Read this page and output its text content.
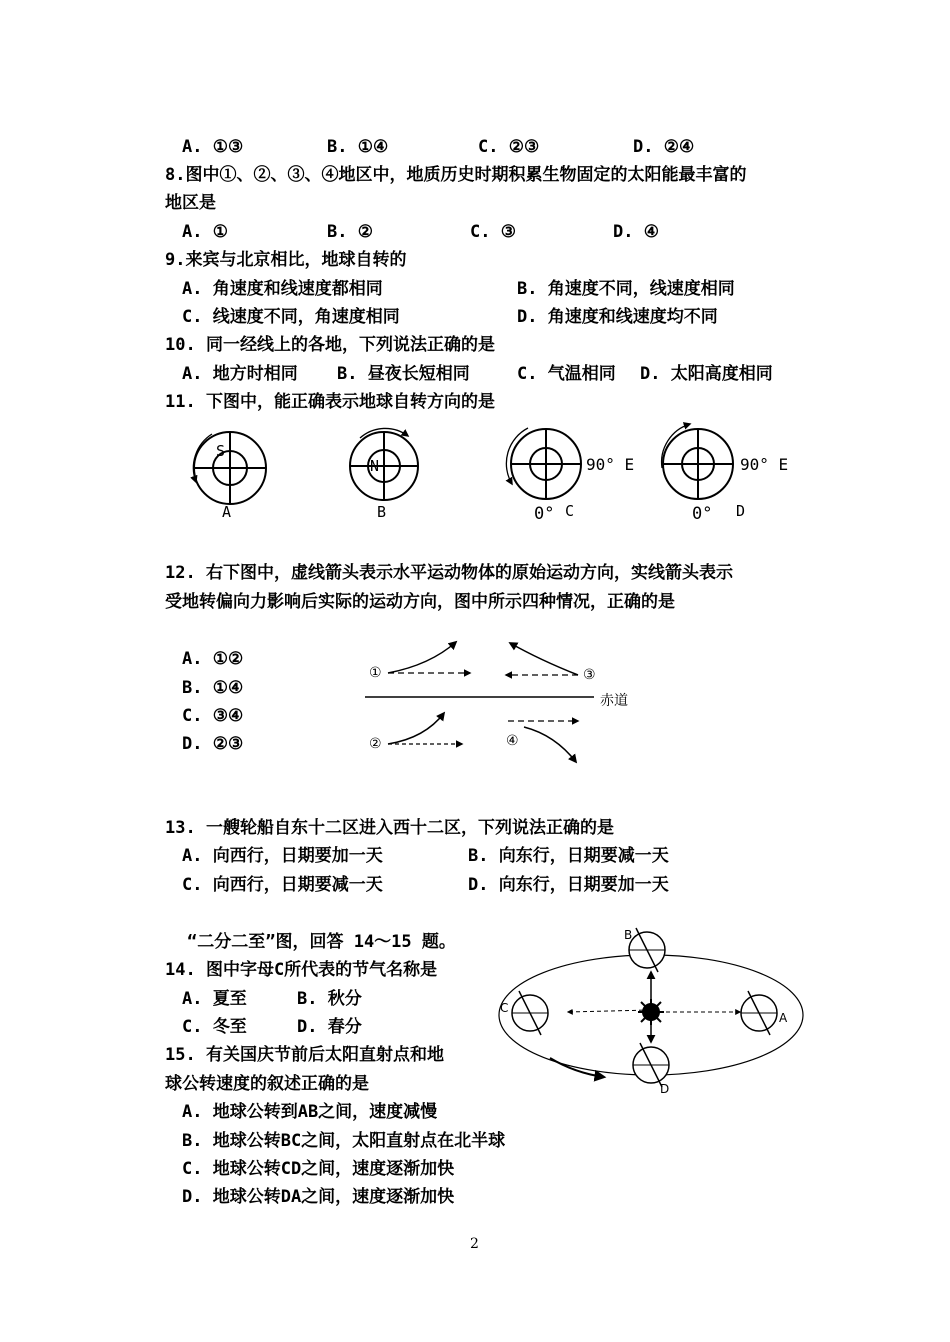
A. ①③	B. ①④	C. ②③	D. ②④
8.图中①、②、③、④地区中，地质历史时期积累生物固定的太阳能最丰富的
地区是
A. ①	B. ②	C. ③	D. ④
9.来宾与北京相比，地球自转的
A. 角速度和线速度都相同	B. 角速度不同，线速度相同
C. 线速度不同，角速度相同	D. 角速度和线速度均不同
10. 同一经线上的各地，下列说法正确的是
A. 地方时相同 B. 昼夜长短相同	C. 气温相同 D. 太阳高度相同
11. 下图中，能正确表示地球自转方向的是
S
A
N
B
90° E
0° C
90° E
0° D
12. 右下图中，虚线箭头表示水平运动物体的原始运动方向，实线箭头表示
受地转偏向力影响后实际的运动方向，图中所示四种情况，正确的是
A. ①②
B. ①④
C. ③④
D. ②③
赤道
①	③
②	④
13. 一艘轮船自东十二区进入西十二区，下列说法正确的是
A. 向西行，日期要加一天	B. 向东行，日期要减一天
C. 向西行，日期要减一天	D. 向东行，日期要加一天
“二分二至”图，回答 14～15 题。
14. 图中字母C所代表的节气名称是
A. 夏至	B. 秋分
C. 冬至	D. 春分
15. 有关国庆节前后太阳直射点和地
球公转速度的叙述正确的是
A. 地球公转到AB之间，速度减慢
B. 地球公转BC之间，太阳直射点在北半球
C. 地球公转CD之间，速度逐渐加快
D. 地球公转DA之间，速度逐渐加快
A
B
C
D
2
